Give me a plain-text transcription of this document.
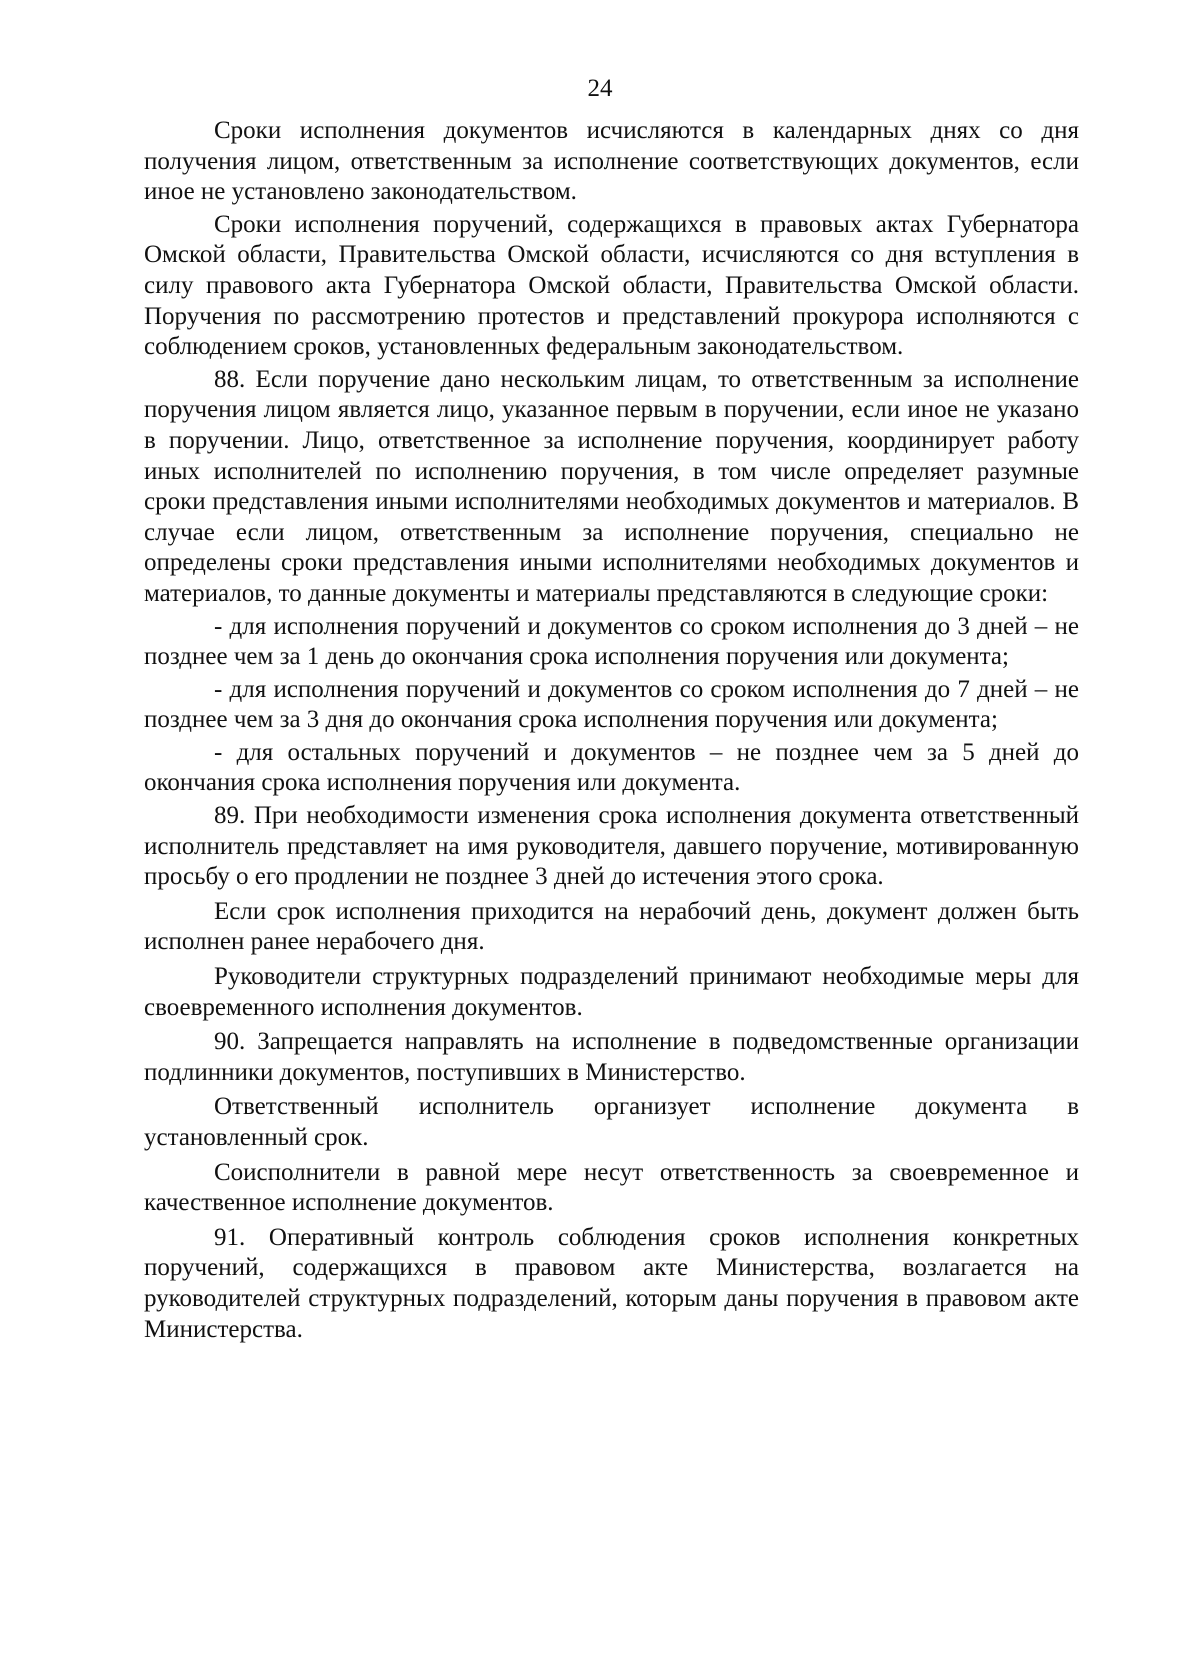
24

Сроки исполнения документов исчисляются в календарных днях со дня получения лицом, ответственным за исполнение соответствующих документов, если иное не установлено законодательством.

Сроки исполнения поручений, содержащихся в правовых актах Губернатора Омской области, Правительства Омской области, исчисляются со дня вступления в силу правового акта Губернатора Омской области, Правительства Омской области. Поручения по рассмотрению протестов и представлений прокурора исполняются с соблюдением сроков, установленных федеральным законодательством.

88. Если поручение дано нескольким лицам, то ответственным за исполнение поручения лицом является лицо, указанное первым в поручении, если иное не указано в поручении. Лицо, ответственное за исполнение поручения, координирует работу иных исполнителей по исполнению поручения, в том числе определяет разумные сроки представления иными исполнителями необходимых документов и материалов. В случае если лицом, ответственным за исполнение поручения, специально не определены сроки представления иными исполнителями необходимых документов и материалов, то данные документы и материалы представляются в следующие сроки:

- для исполнения поручений и документов со сроком исполнения до 3 дней – не позднее чем за 1 день до окончания срока исполнения поручения или документа;

- для исполнения поручений и документов со сроком исполнения до 7 дней – не позднее чем за 3 дня до окончания срока исполнения поручения или документа;

- для остальных поручений и документов – не позднее чем за 5 дней до окончания срока исполнения поручения или документа.

89. При необходимости изменения срока исполнения документа ответственный исполнитель представляет на имя руководителя, давшего поручение, мотивированную просьбу о его продлении не позднее 3 дней до истечения этого срока.

Если срок исполнения приходится на нерабочий день, документ должен быть исполнен ранее нерабочего дня.

Руководители структурных подразделений принимают необходимые меры для своевременного исполнения документов.

90. Запрещается направлять на исполнение в подведомственные организации подлинники документов, поступивших в Министерство.

Ответственный исполнитель организует исполнение документа в установленный срок.

Соисполнители в равной мере несут ответственность за своевременное и качественное исполнение документов.

91. Оперативный контроль соблюдения сроков исполнения конкретных поручений, содержащихся в правовом акте Министерства, возлагается на руководителей структурных подразделений, которым даны поручения в правовом акте Министерства.
